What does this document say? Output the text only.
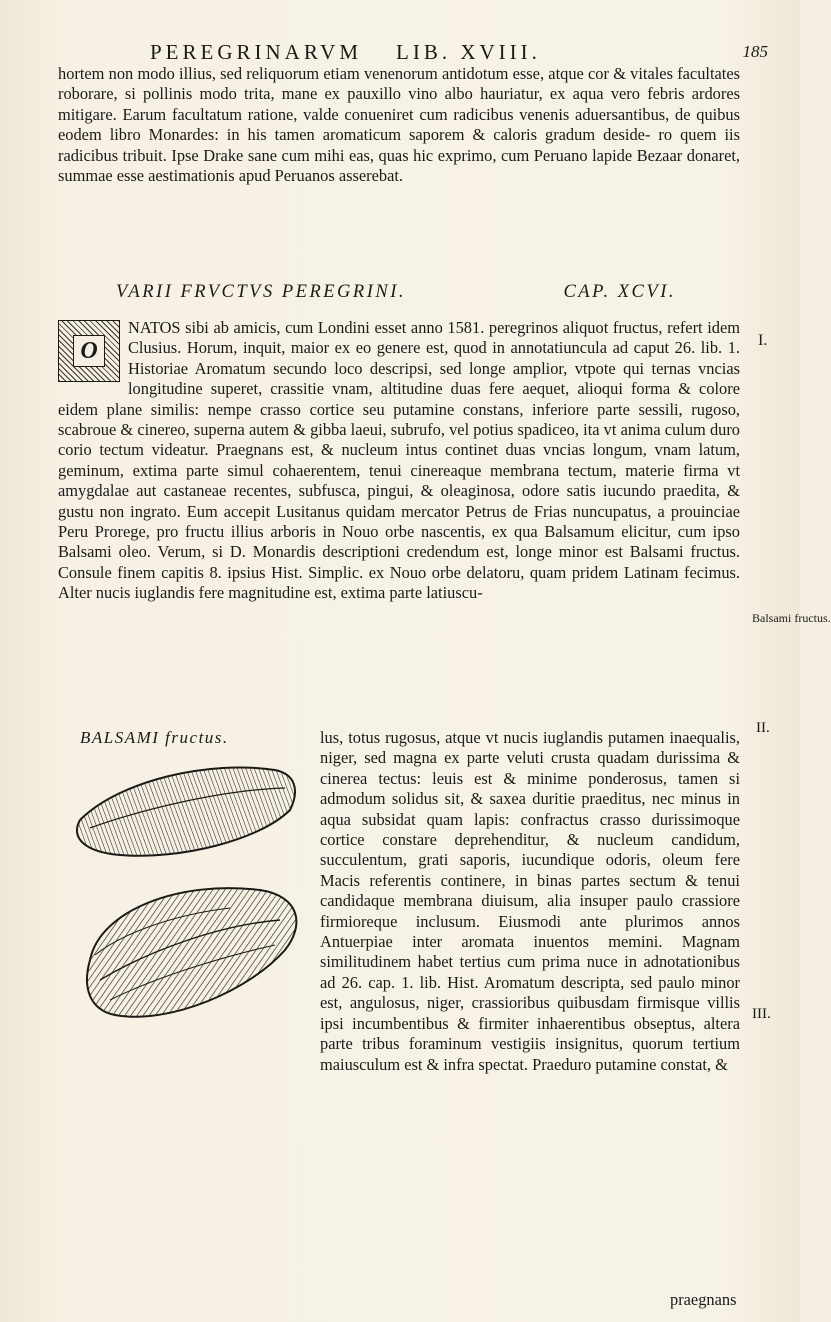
PEREGRINARVM LIB. XVIII.	185
hortem non modo illius, sed reliquorum etiam venenorum antidotum esse, atque cor & vitales facultates roborare, si pollinis modo trita, mane ex pauxillo vino albo hauriatur, ex aqua vero febris ardores mitigare. Earum facultatum ratione, valde conueniret cum radicibus venenis aduersantibus, de quibus eodem libro Monardes: in his tamen aromaticum saporem & caloris gradum deside- ro quem iis radicibus tribuit. Ipse Drake sane cum mihi eas, quas hic exprimo, cum Peruano lapide Bezaar donaret, summae esse aestimationis apud Peruanos asserebat.
VARII FRVCTVS PEREGRINI.	CAP. XCVI.
O
NATOS sibi ab amicis, cum Londini esset anno 1581. peregrinos aliquot fructus, refert idem Clusius. Horum, inquit, maior ex eo genere est, quod in annotatiuncula ad caput 26. lib. 1. Historiae Aromatum secundo loco descripsi, sed longe amplior, vtpote qui ternas vncias longitudine superet, crassitie vnam, altitudine duas fere aequet, alioqui forma & colore eidem plane similis: nempe crasso cortice seu putamine constans, inferiore parte sessili, rugoso, scabroue & cinereo, superna autem & gibba laeui, subrufo, vel potius spadiceo, ita vt anima culum duro corio tectum videatur. Praegnans est, & nucleum intus continet duas vncias longum, vnam latum, geminum, extima parte simul cohaerentem, tenui cinereaque membrana tectum, materie firma vt amygdalae aut castaneae recentes, subfusca, pingui, & oleaginosa, odore satis iucundo praedita, & gustu non ingrato. Eum accepit Lusitanus quidam mercator Petrus de Frias nuncupatus, a prouinciae Peru Prorege, pro fructu illius arboris in Nouo orbe nascentis, ex qua Balsamum elicitur, cum ipso Balsami oleo. Verum, si D. Monardis descriptioni credendum est, longe minor est Balsami fructus. Consule finem capitis 8. ipsius Hist. Simplic. ex Nouo orbe delatoru, quam pridem Latinam fecimus. Alter nucis iuglandis fere magnitudine est, extima parte latiuscu-
I.
Balsami fructus.
II.
III.
BALSAMI fructus.	lus, totus rugosus, atque vt nucis iuglandis putamen inaequalis, niger, sed magna ex parte veluti crusta quadam durissima & cinerea tectus: leuis est & minime ponderosus, tamen si admodum solidus sit, & saxea duritie praeditus, nec minus in aqua subsidat quam lapis: confractus crasso durissimoque cortice constare deprehenditur, & nucleum candidum, succulentum, grati saporis, iucundique odoris, oleum fere Macis referentis continere, in binas partes sectum & tenui candidaque membrana diuisum, alia insuper paulo crassiore firmioreque inclusum. Eiusmodi ante plurimos annos Antuerpiae inter aromata inuentos memini. Magnam similitudinem habet tertius cum prima nuce in adnotationibus ad 26. cap. 1. lib. Hist. Aromatum descripta, sed paulo minor est, angulosus, niger, crassioribus quibusdam firmisque villis ipsi incumbentibus & firmiter inhaerentibus obseptus, altera parte tribus foraminum vestigiis insignitus, quorum tertium maiusculum est & infra spectat. Praeduro putamine constat, &
praegnans
